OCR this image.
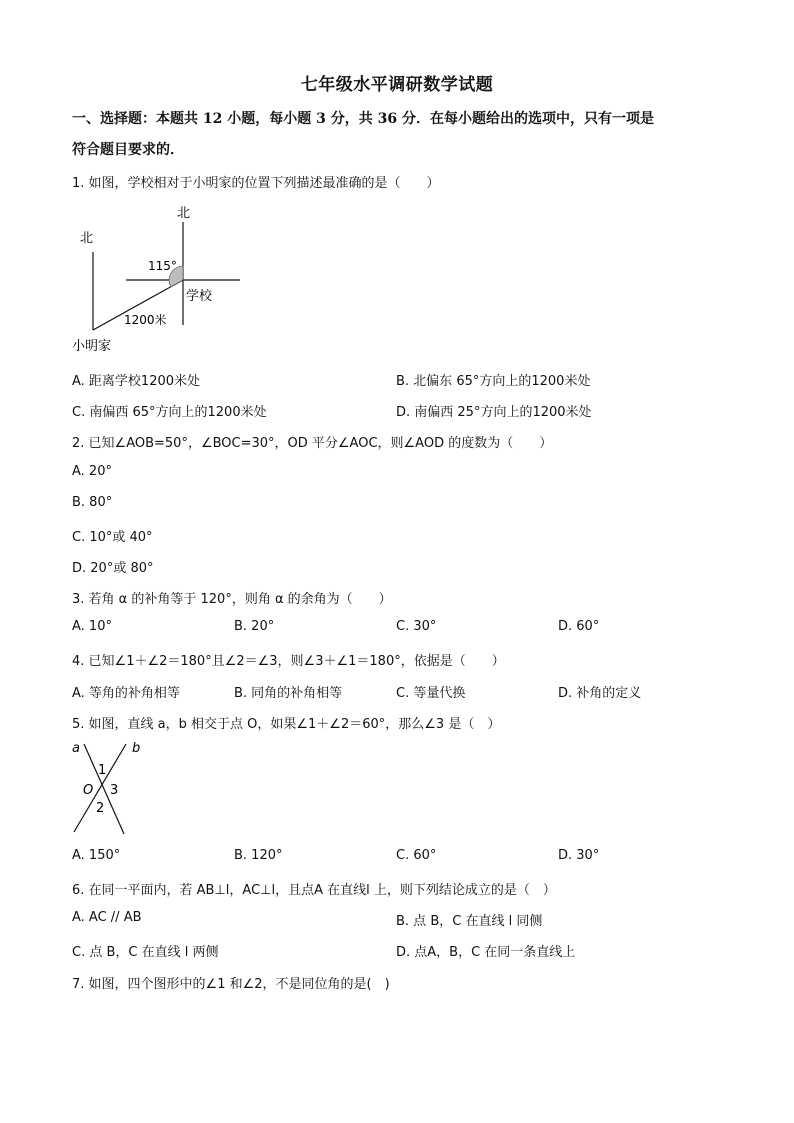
七年级水平调研数学试题
一、选择题：本题共 12 小题，每小题 3 分，共 36 分．在每小题给出的选项中，只有一项是
符合题目要求的．
1. 如图，学校相对于小明家的位置下列描述最准确的是（　　）
北
北
115°
学校
1200米
小明家
A. 距离学校1200米处	B. 北偏东 65°方向上的1200米处
C. 南偏西 65°方向上的1200米处	D. 南偏西 25°方向上的1200米处
2. 已知∠AOB=50°，∠BOC=30°，OD 平分∠AOC，则∠AOD 的度数为（　　）
A. 20°
B. 80°
C. 10°或 40°
D. 20°或 80°
3. 若角 α 的补角等于 120°，则角 α 的余角为（　　）
A. 10°	B. 20°	C. 30°	D. 60°
4. 已知∠1＋∠2＝180°且∠2＝∠3，则∠3＋∠1＝180°，依据是（　　）
A. 等角的补角相等	B. 同角的补角相等	C. 等量代换	D. 补角的定义
5. 如图，直线 a，b 相交于点 O，如果∠1＋∠2＝60°，那么∠3 是（　）
a	b
1
O 3
2
A. 150°	B. 120°	C. 60°	D. 30°
6. 在同一平面内，若 AB⊥l，AC⊥l，且点A 在直线l 上，则下列结论成立的是（　）
A. AC // AB	B. 点 B，C 在直线 l 同侧
C. 点 B，C 在直线 l 两侧	D. 点A，B，C 在同一条直线上
7. 如图，四个图形中的∠1 和∠2，不是同位角的是(　)
